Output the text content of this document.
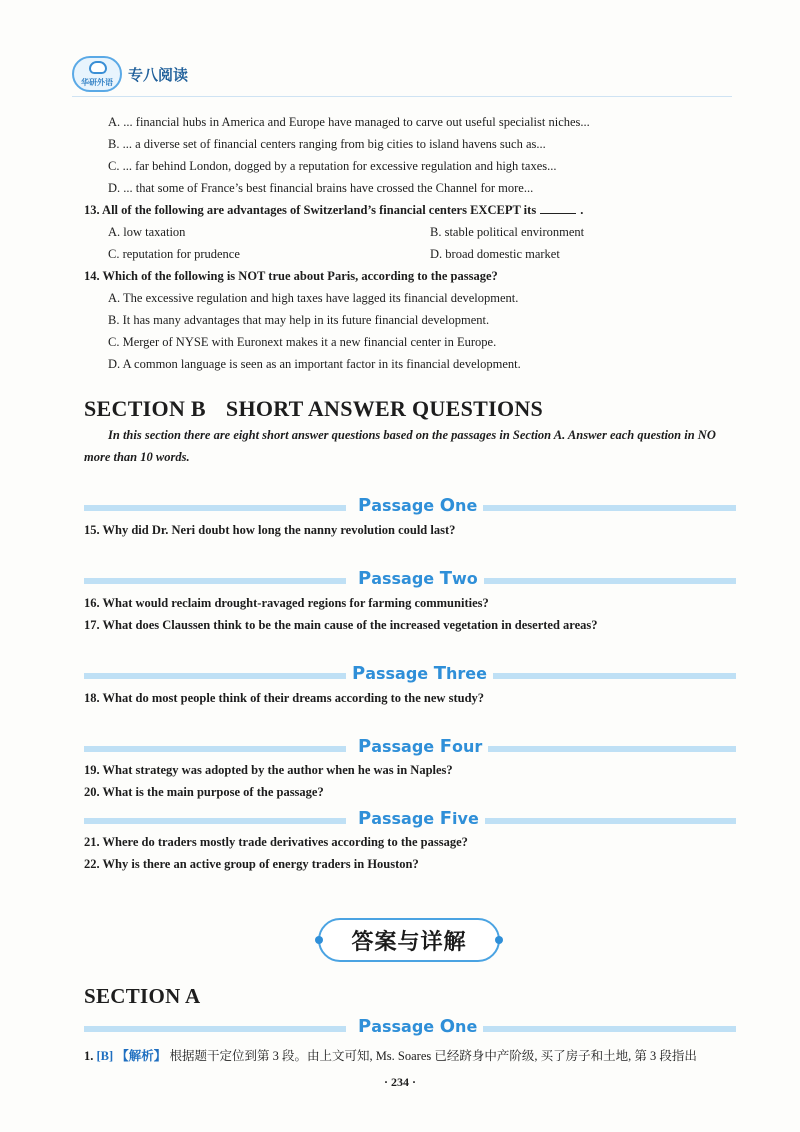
华研外语 专八阅读
A. ... financial hubs in America and Europe have managed to carve out useful specialist niches...
B. ... a diverse set of financial centers ranging from big cities to island havens such as...
C. ... far behind London, dogged by a reputation for excessive regulation and high taxes...
D. ... that some of France’s best financial brains have crossed the Channel for more...
13. All of the following are advantages of Switzerland’s financial centers EXCEPT its	.
A. low taxation	B. stable political environment
C. reputation for prudence	D. broad domestic market
14. Which of the following is NOT true about Paris, according to the passage?
A. The excessive regulation and high taxes have lagged its financial development.
B. It has many advantages that may help in its future financial development.
C. Merger of NYSE with Euronext makes it a new financial center in Europe.
D. A common language is seen as an important factor in its financial development.
SECTION B SHORT ANSWER QUESTIONS
In this section there are eight short answer questions based on the passages in Section A. Answer each question in NO more than 10 words.
Passage One
15. Why did Dr. Neri doubt how long the nanny revolution could last?
Passage Two
16. What would reclaim drought-ravaged regions for farming communities?
17. What does Claussen think to be the main cause of the increased vegetation in deserted areas?
Passage Three
18. What do most people think of their dreams according to the new study?
Passage Four
19. What strategy was adopted by the author when he was in Naples?
20. What is the main purpose of the passage?
Passage Five
21. Where do traders mostly trade derivatives according to the passage?
22. Why is there an active group of energy traders in Houston?
答案与详解
SECTION A
Passage One
1. [B] 【解析】 根据题干定位到第 3 段。由上文可知, Ms. Soares 已经跻身中产阶级, 买了房子和土地, 第 3 段指出
· 234 ·
